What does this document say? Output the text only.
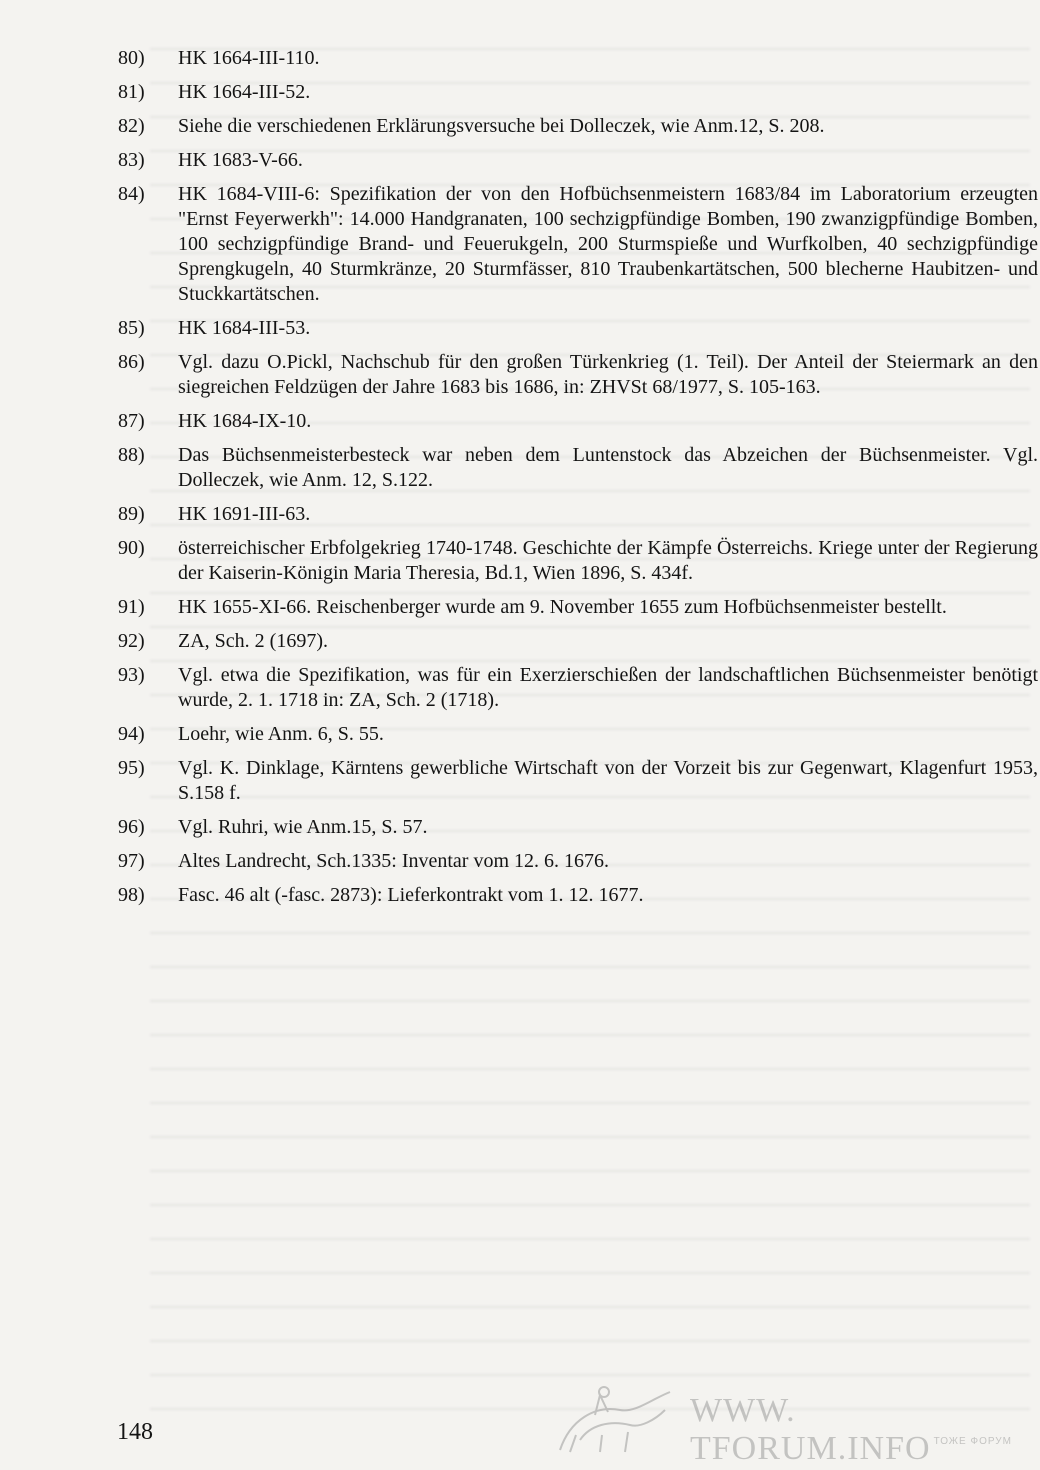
80)	HK 1664-III-110.
81)	HK 1664-III-52.
82)	Siehe die verschiedenen Erklärungsversuche bei Dolleczek, wie Anm.12, S. 208.
83)	HK 1683-V-66.
84)	HK 1684-VIII-6: Spezifikation der von den Hofbüchsenmeistern 1683/84 im Laboratorium erzeugten "Ernst Feyerwerkh": 14.000 Handgranaten, 100 sechzigpfündige Bomben, 190 zwanzigpfündige Bomben, 100 sechzigpfündige Brand- und Feuerukgeln, 200 Sturmspieße und Wurfkolben, 40 sechzigpfündige Sprengkugeln, 40 Sturmkränze, 20 Sturmfässer, 810 Traubenkartätschen, 500 blecherne Haubitzen- und Stuckkartätschen.
85)	HK 1684-III-53.
86)	Vgl. dazu O.Pickl, Nachschub für den großen Türkenkrieg (1. Teil). Der Anteil der Steiermark an den siegreichen Feldzügen der Jahre 1683 bis 1686, in: ZHVSt 68/1977, S. 105-163.
87)	HK 1684-IX-10.
88)	Das Büchsenmeisterbesteck war neben dem Luntenstock das Abzeichen der Büchsenmeister. Vgl. Dolleczek, wie Anm. 12, S.122.
89)	HK 1691-III-63.
90)	österreichischer Erbfolgekrieg 1740-1748. Geschichte der Kämpfe Österreichs. Kriege unter der Regierung der Kaiserin-Königin Maria Theresia, Bd.1, Wien 1896, S. 434f.
91)	HK 1655-XI-66. Reischenberger wurde am 9. November 1655 zum Hofbüchsenmeister bestellt.
92)	ZA, Sch. 2 (1697).
93)	Vgl. etwa die Spezifikation, was für ein Exerzierschießen der landschaftlichen Büchsenmeister benötigt wurde, 2. 1. 1718 in: ZA, Sch. 2 (1718).
94)	Loehr, wie Anm. 6, S. 55.
95)	Vgl. K. Dinklage, Kärntens gewerbliche Wirtschaft von der Vorzeit bis zur Gegenwart, Klagenfurt 1953, S.158 f.
96)	Vgl. Ruhri, wie Anm.15, S. 57.
97)	Altes Landrecht, Sch.1335: Inventar vom 12. 6. 1676.
98)	Fasc. 46 alt (-fasc. 2873): Lieferkontrakt vom 1. 12. 1677.
148
WWW. TFORUM.INFO ТОЖЕ ФОРУМ
